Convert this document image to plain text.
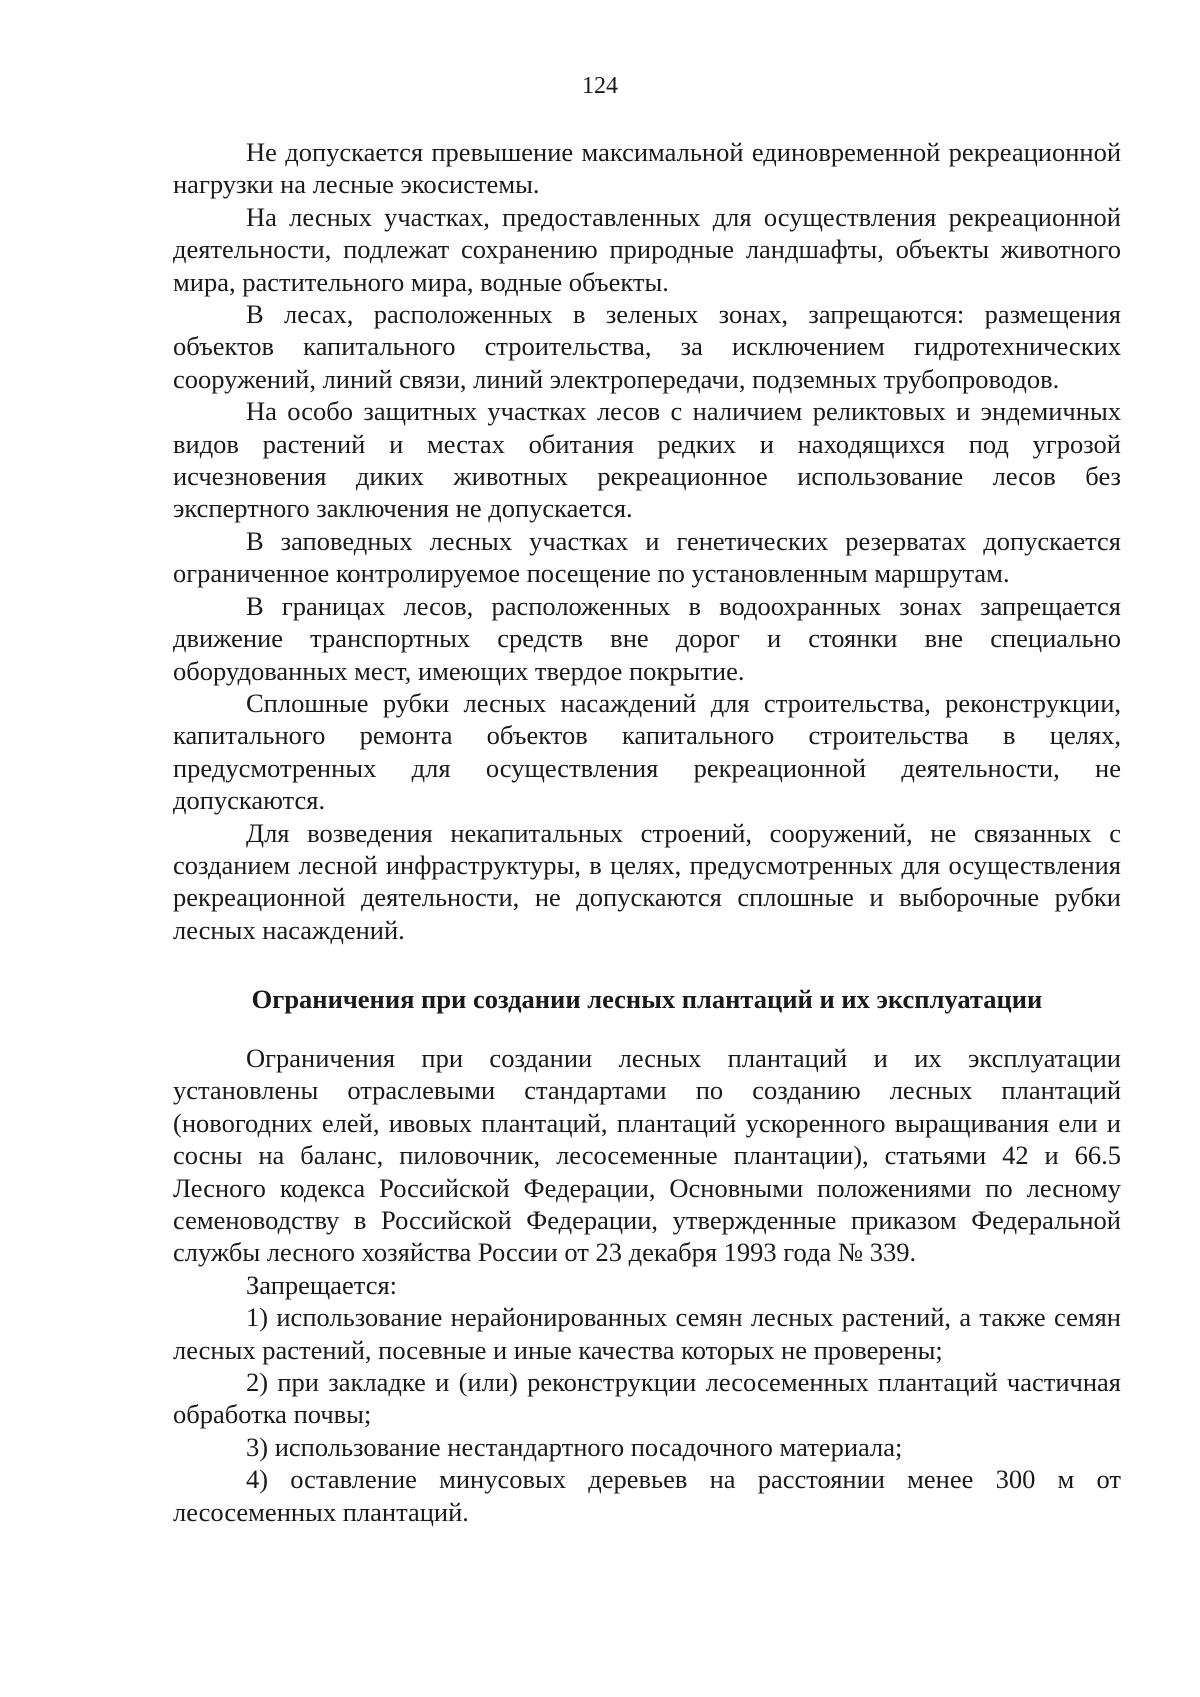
124

Не допускается превышение максимальной единовременной рекреационной нагрузки на лесные экосистемы.

На лесных участках, предоставленных для осуществления рекреационной деятельности, подлежат сохранению природные ландшафты, объекты животного мира, растительного мира, водные объекты.

В лесах, расположенных в зеленых зонах, запрещаются: размещения объектов капитального строительства, за исключением гидротехнических сооружений, линий связи, линий электропередачи, подземных трубопроводов.

На особо защитных участках лесов с наличием реликтовых и эндемичных видов растений и местах обитания редких и находящихся под угрозой исчезновения диких животных рекреационное использование лесов без экспертного заключения не допускается.

В заповедных лесных участках и генетических резерватах допускается ограниченное контролируемое посещение по установленным маршрутам.

В границах лесов, расположенных в водоохранных зонах запрещается движение транспортных средств вне дорог и стоянки вне специально оборудованных мест, имеющих твердое покрытие.

Сплошные рубки лесных насаждений для строительства, реконструкции, капитального ремонта объектов капитального строительства в целях, предусмотренных для осуществления рекреационной деятельности, не допускаются.

Для возведения некапитальных строений, сооружений, не связанных с созданием лесной инфраструктуры, в целях, предусмотренных для осуществления рекреационной деятельности, не допускаются сплошные и выборочные рубки лесных насаждений.

Ограничения при создании лесных плантаций и их эксплуатации

Ограничения при создании лесных плантаций и их эксплуатации установлены отраслевыми стандартами по созданию лесных плантаций (новогодних елей, ивовых плантаций, плантаций ускоренного выращивания ели и сосны на баланс, пиловочник, лесосеменные плантации), статьями 42 и 66.5 Лесного кодекса Российской Федерации, Основными положениями по лесному семеноводству в Российской Федерации, утвержденные приказом Федеральной службы лесного хозяйства России от 23 декабря 1993 года № 339.

Запрещается:

1) использование нерайонированных семян лесных растений, а также семян лесных растений, посевные и иные качества которых не проверены;

2) при закладке и (или) реконструкции лесосеменных плантаций частичная обработка почвы;

3) использование нестандартного посадочного материала;

4) оставление минусовых деревьев на расстоянии менее 300 м от лесосеменных плантаций.
